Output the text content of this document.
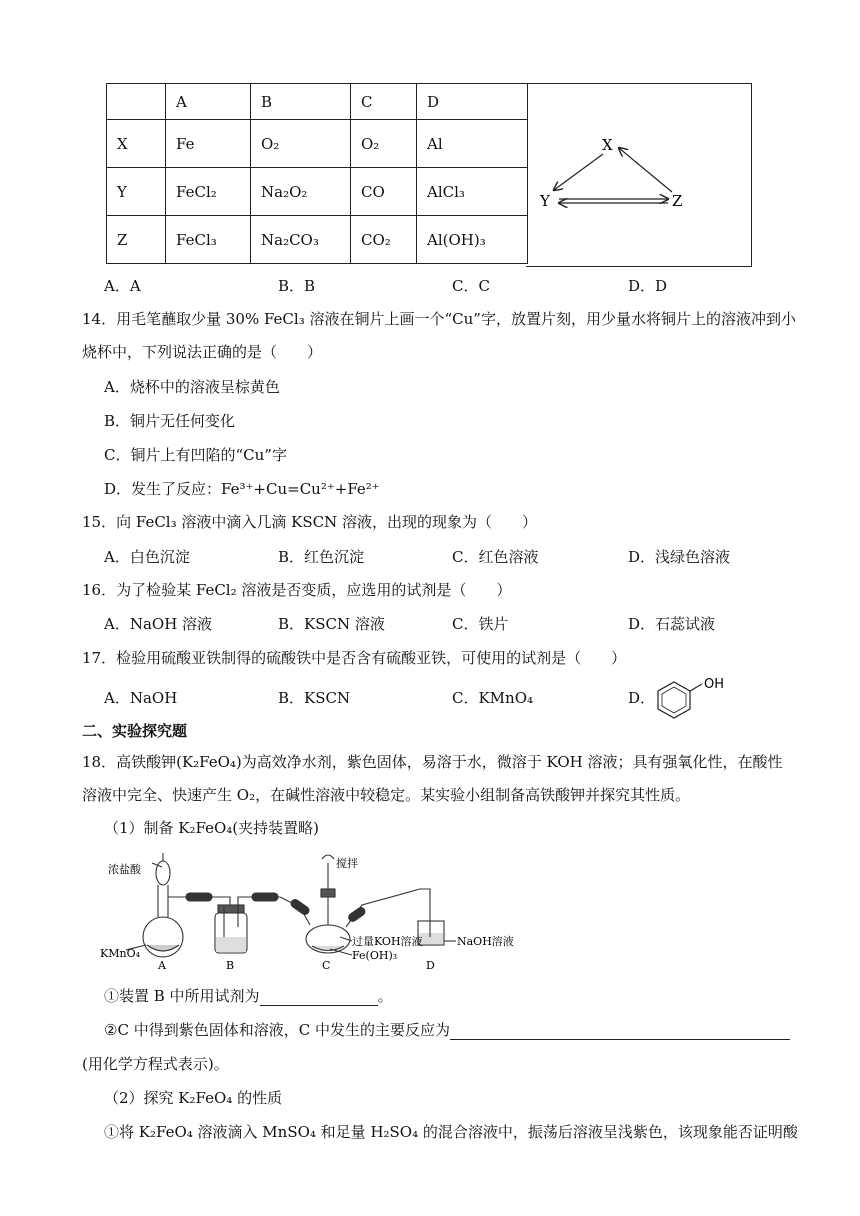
	A	B	C	D
X	Fe	O₂	O₂	Al
Y	FeCl₂	Na₂O₂	CO	AlCl₃
Z	FeCl₃	Na₂CO₃	CO₂	Al(OH)₃
X
Y	Z
A．A	B．B	C．C	D．D
14．用毛笔蘸取少量 30% FeCl₃ 溶液在铜片上画一个“Cu”字，放置片刻，用少量水将铜片上的溶液冲到小
烧杯中，下列说法正确的是（　　）
A．烧杯中的溶液呈棕黄色
B．铜片无任何变化
C．铜片上有凹陷的“Cu”字
D．发生了反应：Fe³⁺+Cu=Cu²⁺+Fe²⁺
15．向 FeCl₃ 溶液中滴入几滴 KSCN 溶液，出现的现象为（　　）
A．白色沉淀	B．红色沉淀	C．红色溶液	D．浅绿色溶液
16．为了检验某 FeCl₂ 溶液是否变质，应选用的试剂是（　　）
A．NaOH 溶液	B．KSCN 溶液	C．铁片	D．石蕊试液
17．检验用硫酸亚铁制得的硫酸铁中是否含有硫酸亚铁，可使用的试剂是（　　）
A．NaOH	B．KSCN	C．KMnO₄	D．
OH
二、实验探究题
18．高铁酸钾(K₂FeO₄)为高效净水剂，紫色固体，易溶于水，微溶于 KOH 溶液；具有强氧化性，在酸性
溶液中完全、快速产生 O₂，在碱性溶液中较稳定。某实验小组制备高铁酸钾并探究其性质。
（1）制备 K₂FeO₄(夹持装置略)
浓盐酸	搅拌
KMnO₄
过量KOH溶液
Fe(OH)₃
NaOH溶液
A	B	C	D
①装置 B 中所用试剂为	。
②C 中得到紫色固体和溶液，C 中发生的主要反应为
(用化学方程式表示)。
（2）探究 K₂FeO₄ 的性质
①将 K₂FeO₄ 溶液滴入 MnSO₄ 和足量 H₂SO₄ 的混合溶液中，振荡后溶液呈浅紫色，该现象能否证明酸
